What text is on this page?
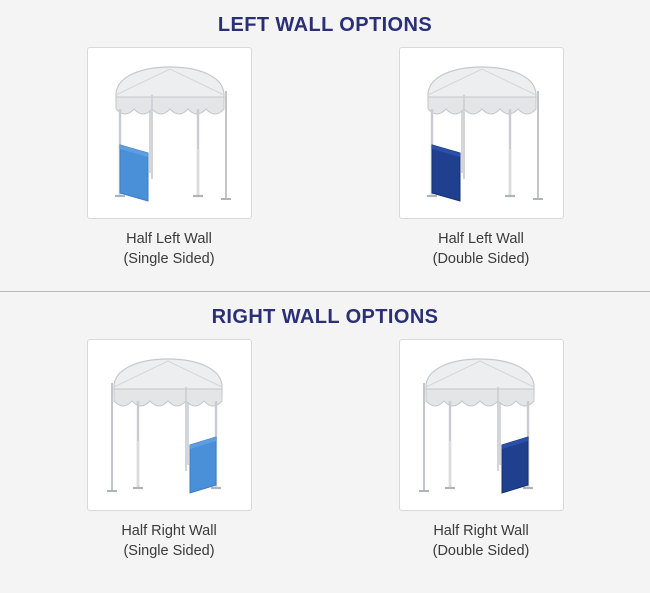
LEFT WALL OPTIONS
Half Left Wall
(Single Sided)
Half Left Wall
(Double Sided)
RIGHT WALL OPTIONS
Half Right Wall
(Single Sided)
Half Right Wall
(Double Sided)
